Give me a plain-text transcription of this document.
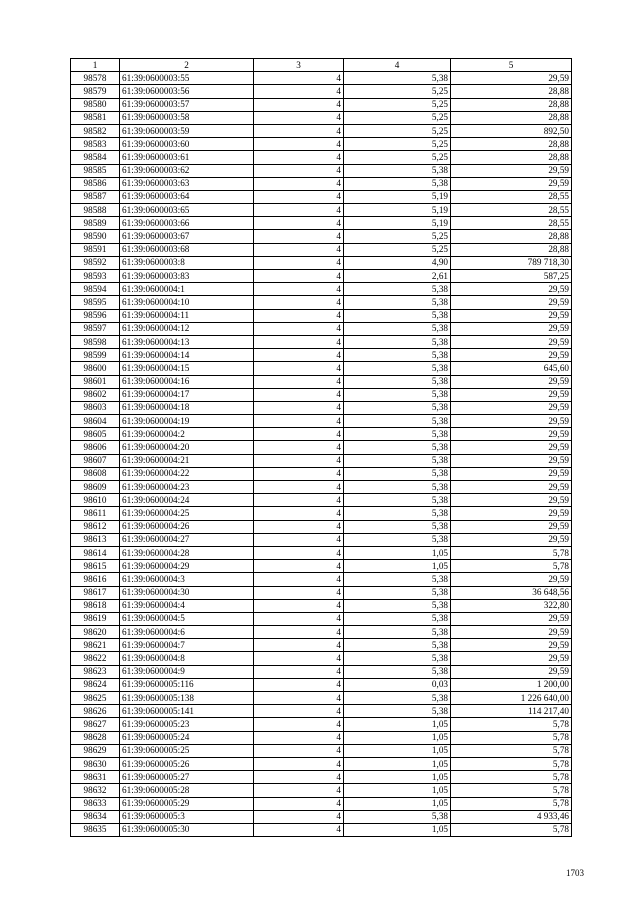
1	2	3	4	5
98578	61:39:0600003:55	4	5,38	29,59
98579	61:39:0600003:56	4	5,25	28,88
98580	61:39:0600003:57	4	5,25	28,88
98581	61:39:0600003:58	4	5,25	28,88
98582	61:39:0600003:59	4	5,25	892,50
98583	61:39:0600003:60	4	5,25	28,88
98584	61:39:0600003:61	4	5,25	28,88
98585	61:39:0600003:62	4	5,38	29,59
98586	61:39:0600003:63	4	5,38	29,59
98587	61:39:0600003:64	4	5,19	28,55
98588	61:39:0600003:65	4	5,19	28,55
98589	61:39:0600003:66	4	5,19	28,55
98590	61:39:0600003:67	4	5,25	28,88
98591	61:39:0600003:68	4	5,25	28,88
98592	61:39:0600003:8	4	4,90	789 718,30
98593	61:39:0600003:83	4	2,61	587,25
98594	61:39:0600004:1	4	5,38	29,59
98595	61:39:0600004:10	4	5,38	29,59
98596	61:39:0600004:11	4	5,38	29,59
98597	61:39:0600004:12	4	5,38	29,59
98598	61:39:0600004:13	4	5,38	29,59
98599	61:39:0600004:14	4	5,38	29,59
98600	61:39:0600004:15	4	5,38	645,60
98601	61:39:0600004:16	4	5,38	29,59
98602	61:39:0600004:17	4	5,38	29,59
98603	61:39:0600004:18	4	5,38	29,59
98604	61:39:0600004:19	4	5,38	29,59
98605	61:39:0600004:2	4	5,38	29,59
98606	61:39:0600004:20	4	5,38	29,59
98607	61:39:0600004:21	4	5,38	29,59
98608	61:39:0600004:22	4	5,38	29,59
98609	61:39:0600004:23	4	5,38	29,59
98610	61:39:0600004:24	4	5,38	29,59
98611	61:39:0600004:25	4	5,38	29,59
98612	61:39:0600004:26	4	5,38	29,59
98613	61:39:0600004:27	4	5,38	29,59
98614	61:39:0600004:28	4	1,05	5,78
98615	61:39:0600004:29	4	1,05	5,78
98616	61:39:0600004:3	4	5,38	29,59
98617	61:39:0600004:30	4	5,38	36 648,56
98618	61:39:0600004:4	4	5,38	322,80
98619	61:39:0600004:5	4	5,38	29,59
98620	61:39:0600004:6	4	5,38	29,59
98621	61:39:0600004:7	4	5,38	29,59
98622	61:39:0600004:8	4	5,38	29,59
98623	61:39:0600004:9	4	5,38	29,59
98624	61:39:0600005:116	4	0,03	1 200,00
98625	61:39:0600005:138	4	5,38	1 226 640,00
98626	61:39:0600005:141	4	5,38	114 217,40
98627	61:39:0600005:23	4	1,05	5,78
98628	61:39:0600005:24	4	1,05	5,78
98629	61:39:0600005:25	4	1,05	5,78
98630	61:39:0600005:26	4	1,05	5,78
98631	61:39:0600005:27	4	1,05	5,78
98632	61:39:0600005:28	4	1,05	5,78
98633	61:39:0600005:29	4	1,05	5,78
98634	61:39:0600005:3	4	5,38	4 933,46
98635	61:39:0600005:30	4	1,05	5,78
1703
